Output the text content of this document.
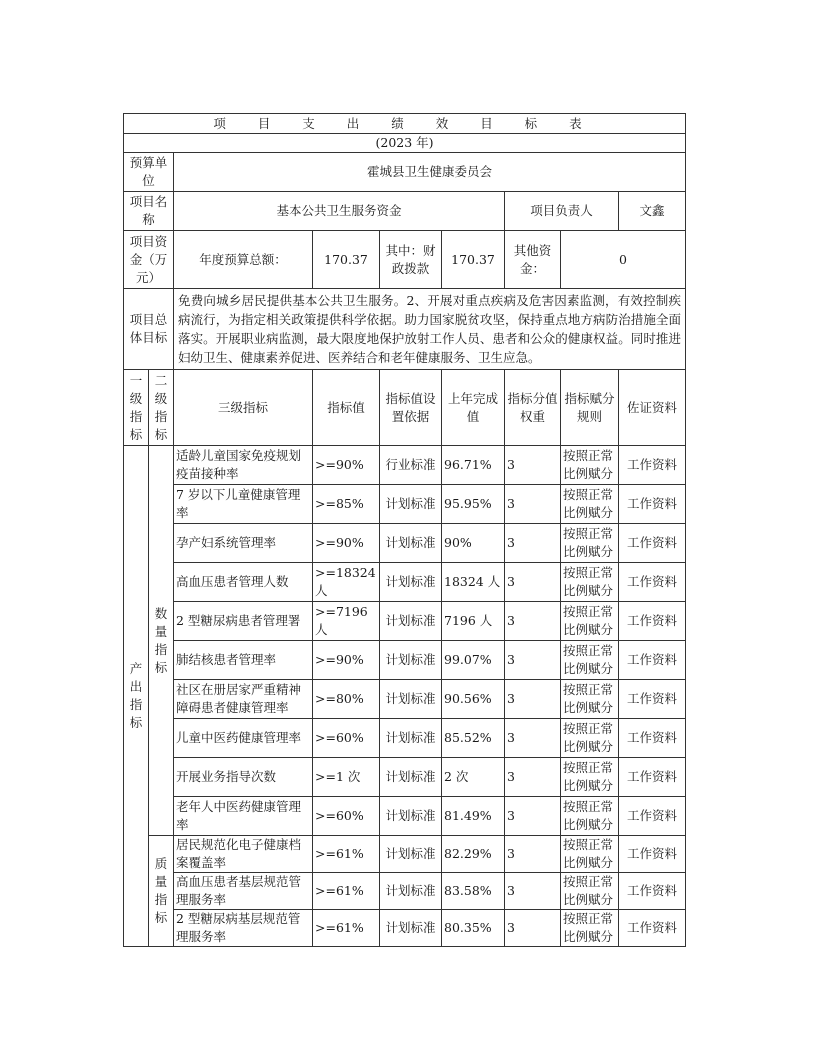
项 目 支 出 绩 效 目 标 表								
(2023 年)								
预算单位		霍城县卫生健康委员会						
项目名称		基本公共卫生服务资金				项目负责人		文鑫
项目资金（万元）		年度预算总额：	170.37	其中：财政拨款	170.37	其他资金：	0	
项目总体目标		免费向城乡居民提供基本公共卫生服务。2、开展对重点疾病及危害因素监测，有效控制疾病流行，为指定相关政策提供科学依据。助力国家脱贫攻坚，保持重点地方病防治措施全面落实。开展职业病监测，最大限度地保护放射工作人员、患者和公众的健康权益。同时推进妇幼卫生、健康素养促进、医养结合和老年健康服务、卫生应急。						
一级指标	二级指标	三级指标	指标值	指标值设置依据	上年完成值	指标分值权重	指标赋分规则	佐证资料
产出指标	数量指标	适龄儿童国家免疫规划疫苗接种率	>=90%	行业标准	96.71%	3	按照正常比例赋分	工作资料
		7 岁以下儿童健康管理率	>=85%	计划标准	95.95%	3	按照正常比例赋分	工作资料
		孕产妇系统管理率	>=90%	计划标准	90%	3	按照正常比例赋分	工作资料
		高血压患者管理人数	>=18324 人	计划标准	18324 人	3	按照正常比例赋分	工作资料
		2 型糖尿病患者管理署	>=7196 人	计划标准	7196 人	3	按照正常比例赋分	工作资料
		肺结核患者管理率	>=90%	计划标准	99.07%	3	按照正常比例赋分	工作资料
		社区在册居家严重精神障碍患者健康管理率	>=80%	计划标准	90.56%	3	按照正常比例赋分	工作资料
		儿童中医药健康管理率	>=60%	计划标准	85.52%	3	按照正常比例赋分	工作资料
		开展业务指导次数	>=1 次	计划标准	2 次	3	按照正常比例赋分	工作资料
		老年人中医药健康管理率	>=60%	计划标准	81.49%	3	按照正常比例赋分	工作资料
	质量指标	居民规范化电子健康档案覆盖率	>=61%	计划标准	82.29%	3	按照正常比例赋分	工作资料
		高血压患者基层规范管理服务率	>=61%	计划标准	83.58%	3	按照正常比例赋分	工作资料
		2 型糖尿病基层规范管理服务率	>=61%	计划标准	80.35%	3	按照正常比例赋分	工作资料
